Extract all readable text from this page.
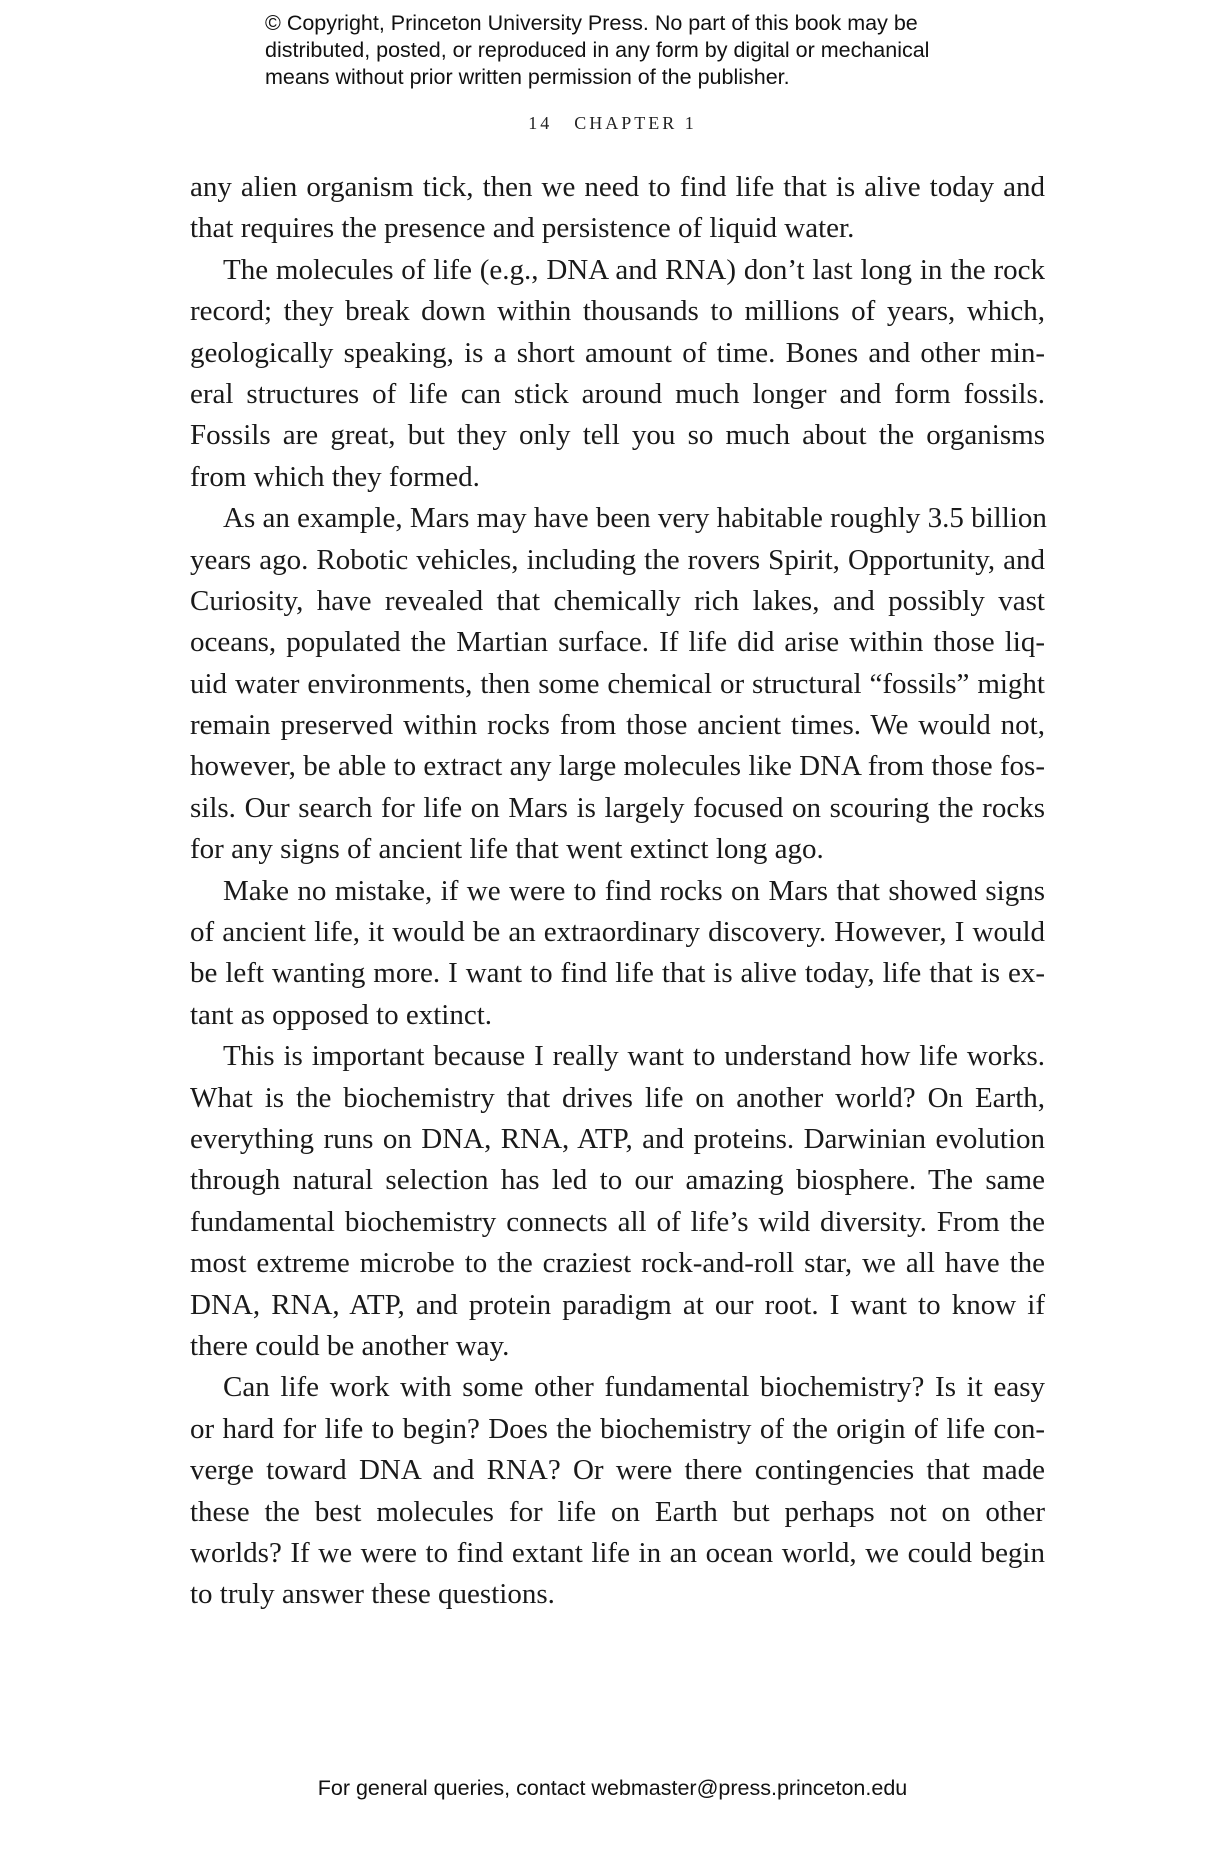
© Copyright, Princeton University Press. No part of this book may be
distributed, posted, or reproduced in any form by digital or mechanical
means without prior written permission of the publisher.
14 CHAPTER 1
any alien organism tick, then we need to find life that is alive today and
that requires the presence and persistence of liquid water.
The molecules of life (e.g., DNA and RNA) don’t last long in the rock
record; they break down within thousands to millions of years, which,
geologically speaking, is a short amount of time. Bones and other min-
eral structures of life can stick around much longer and form fossils.
Fossils are great, but they only tell you so much about the organisms
from which they formed.
As an example, Mars may have been very habitable roughly 3.5 billion
years ago. Robotic vehicles, including the rovers Spirit, Opportunity, and
Curiosity, have revealed that chemically rich lakes, and possibly vast
oceans, populated the Martian surface. If life did arise within those liq-
uid water environments, then some chemical or structural “fossils” might
remain preserved within rocks from those ancient times. We would not,
however, be able to extract any large molecules like DNA from those fos-
sils. Our search for life on Mars is largely focused on scouring the rocks
for any signs of ancient life that went extinct long ago.
Make no mistake, if we were to find rocks on Mars that showed signs
of ancient life, it would be an extraordinary discovery. However, I would
be left wanting more. I want to find life that is alive today, life that is ex-
tant as opposed to extinct.
This is important because I really want to understand how life works.
What is the biochemistry that drives life on another world? On Earth,
everything runs on DNA, RNA, ATP, and proteins. Darwinian evolution
through natural selection has led to our amazing biosphere. The same
fundamental biochemistry connects all of life’s wild diversity. From the
most extreme microbe to the craziest rock-and-roll star, we all have the
DNA, RNA, ATP, and protein paradigm at our root. I want to know if
there could be another way.
Can life work with some other fundamental biochemistry? Is it easy
or hard for life to begin? Does the biochemistry of the origin of life con-
verge toward DNA and RNA? Or were there contingencies that made
these the best molecules for life on Earth but perhaps not on other
worlds? If we were to find extant life in an ocean world, we could begin
to truly answer these questions.
For general queries, contact webmaster@press.princeton.edu
